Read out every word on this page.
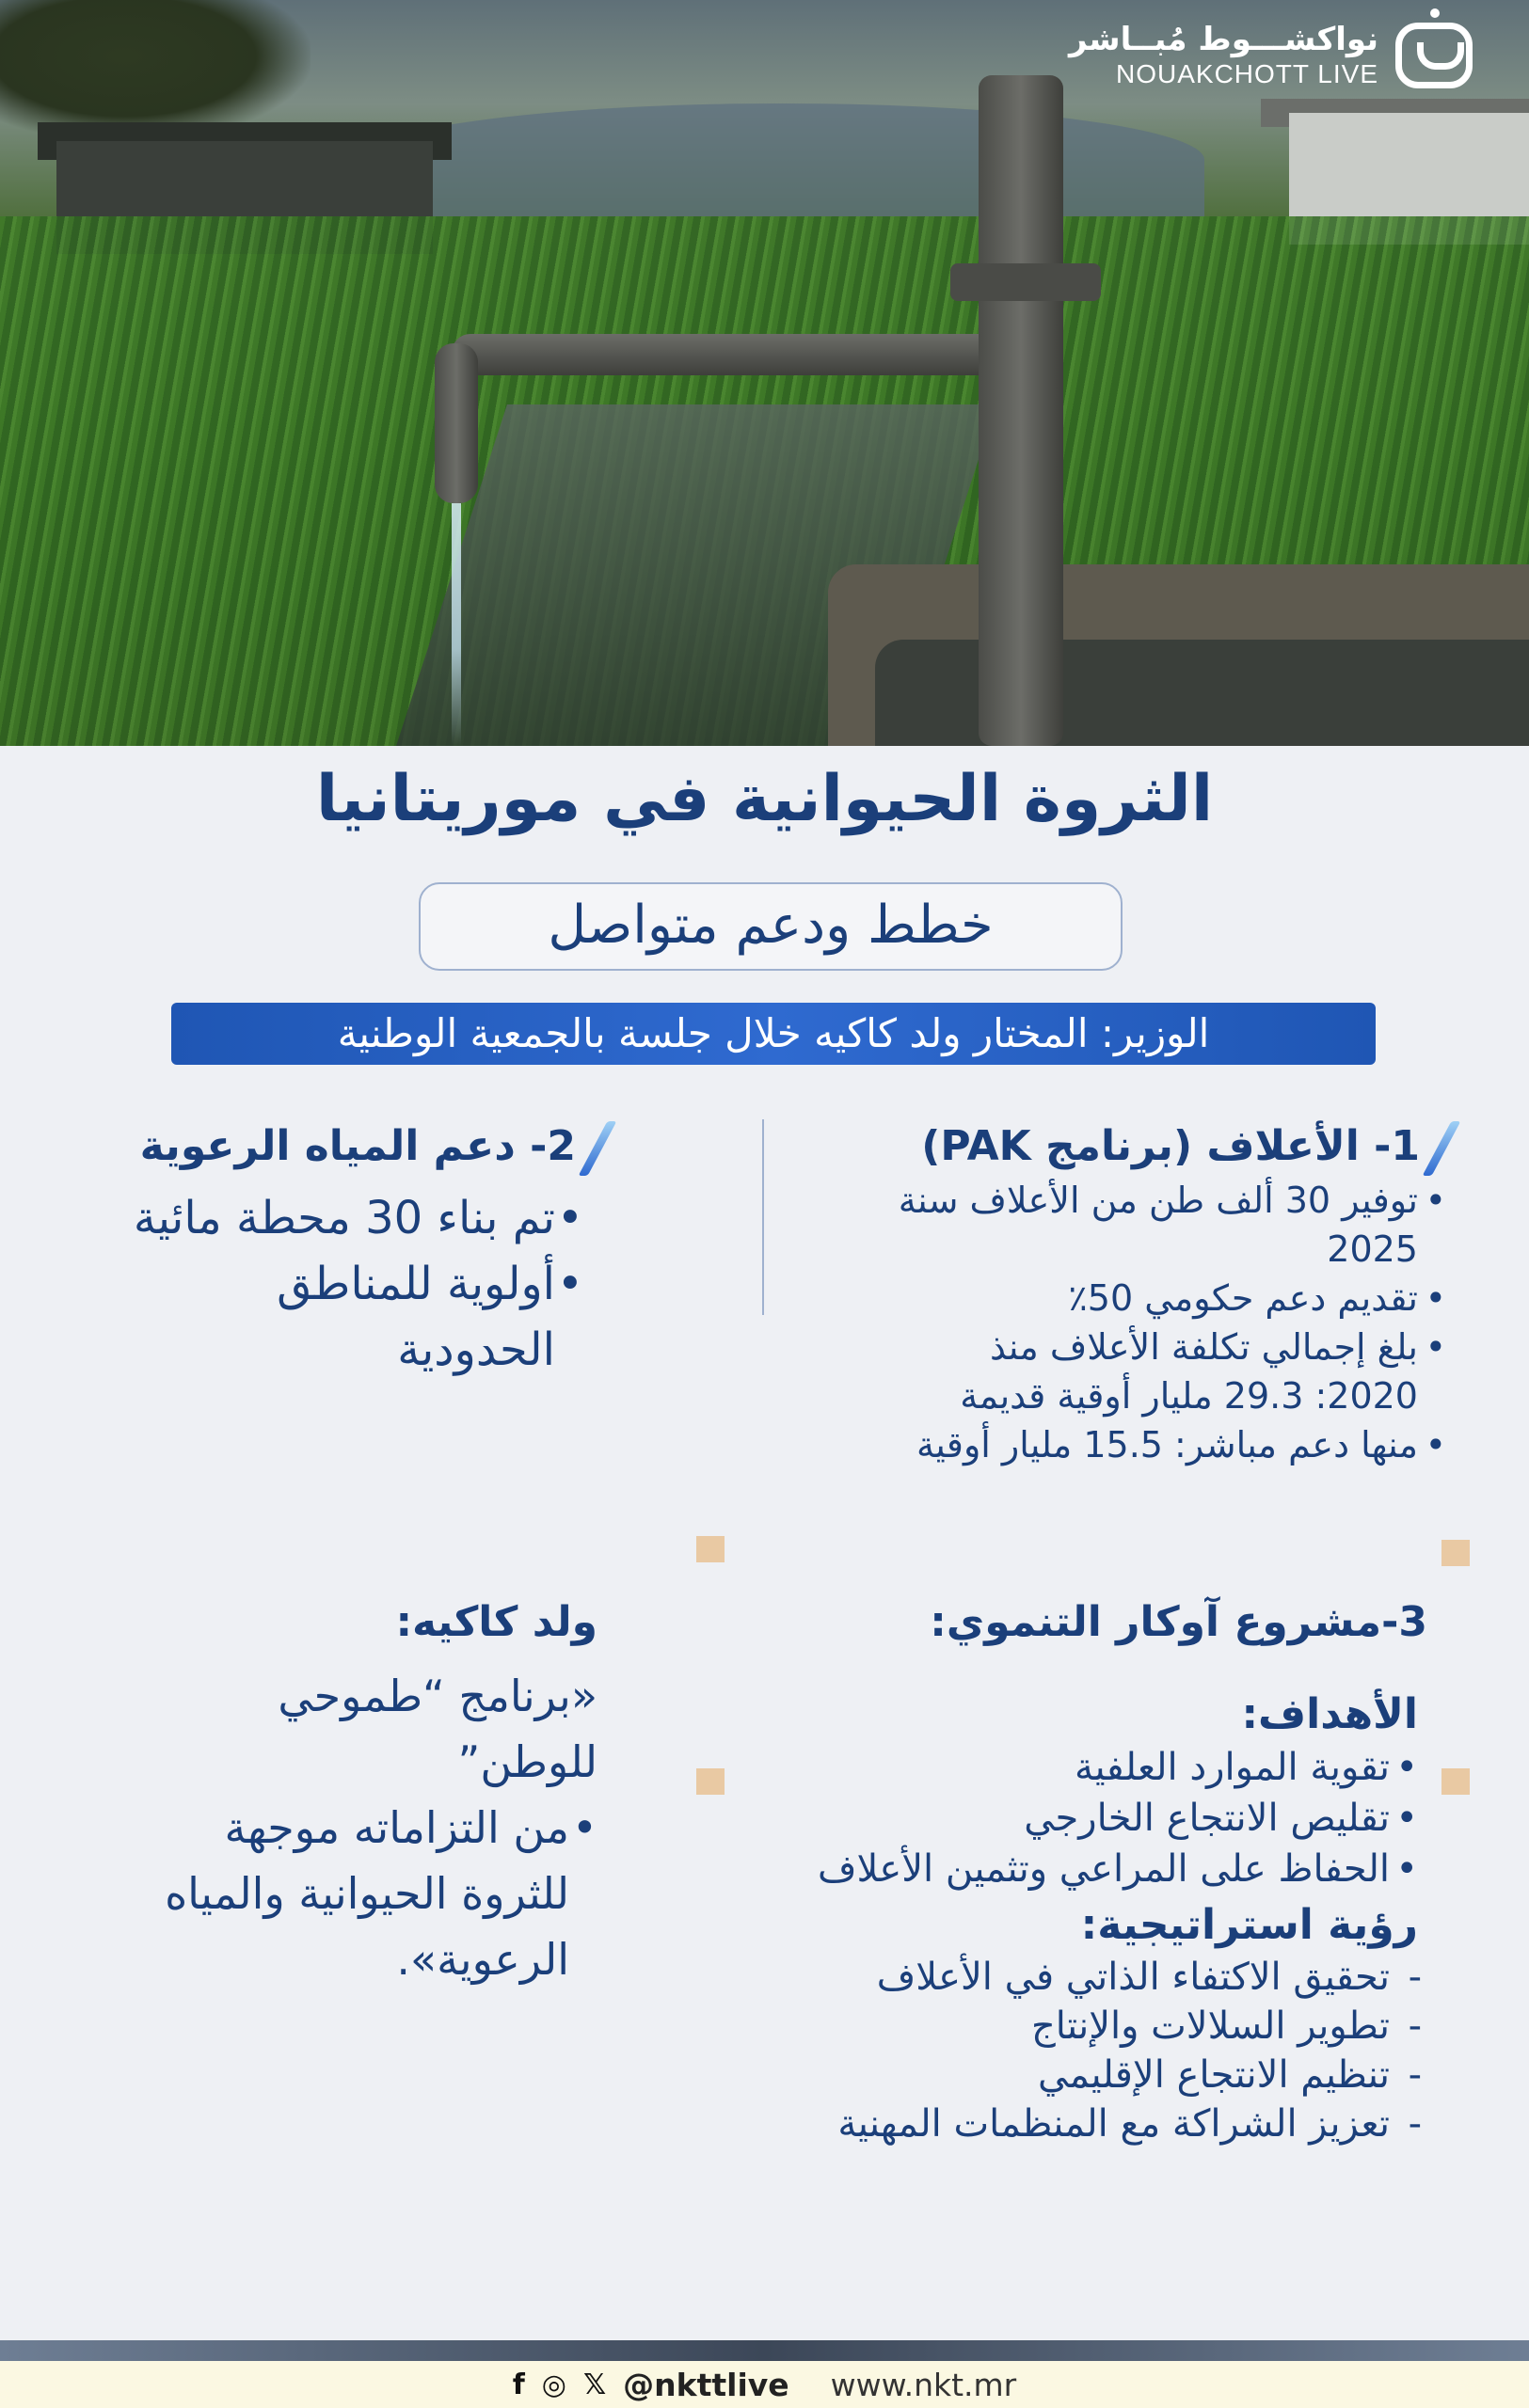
نواكشـــوط مُبــاشر
NOUAKCHOTT LIVE
الثروة الحيوانية في موريتانيا
خطط ودعم متواصل
الوزير: المختار ولد كاكيه خلال جلسة بالجمعية الوطنية
1- الأعلاف (برنامج PAK)
• توفير 30 ألف طن من الأعلاف سنة 2025
• تقديم دعم حكومي 50٪
• بلغ إجمالي تكلفة الأعلاف منذ 2020: 29.3 مليار أوقية قديمة
• منها دعم مباشر: 15.5 مليار أوقية
2- دعم المياه الرعوية
• تم بناء 30 محطة مائية
• أولوية للمناطق الحدودية
3-مشروع آوكار التنموي:
الأهداف:
• تقوية الموارد العلفية
• تقليص الانتجاع الخارجي
• الحفاظ على المراعي وتثمين الأعلاف
رؤية استراتيجية:
- تحقيق الاكتفاء الذاتي في الأعلاف
- تطوير السلالات والإنتاج
- تنظيم الانتجاع الإقليمي
- تعزيز الشراكة مع المنظمات المهنية
ولد كاكيه:
«برنامج “طموحي للوطن”
• من التزاماته موجهة للثروة الحيوانية والمياه الرعوية».
f ◎ 𝕏 @nkttlive www.nkt.mr
